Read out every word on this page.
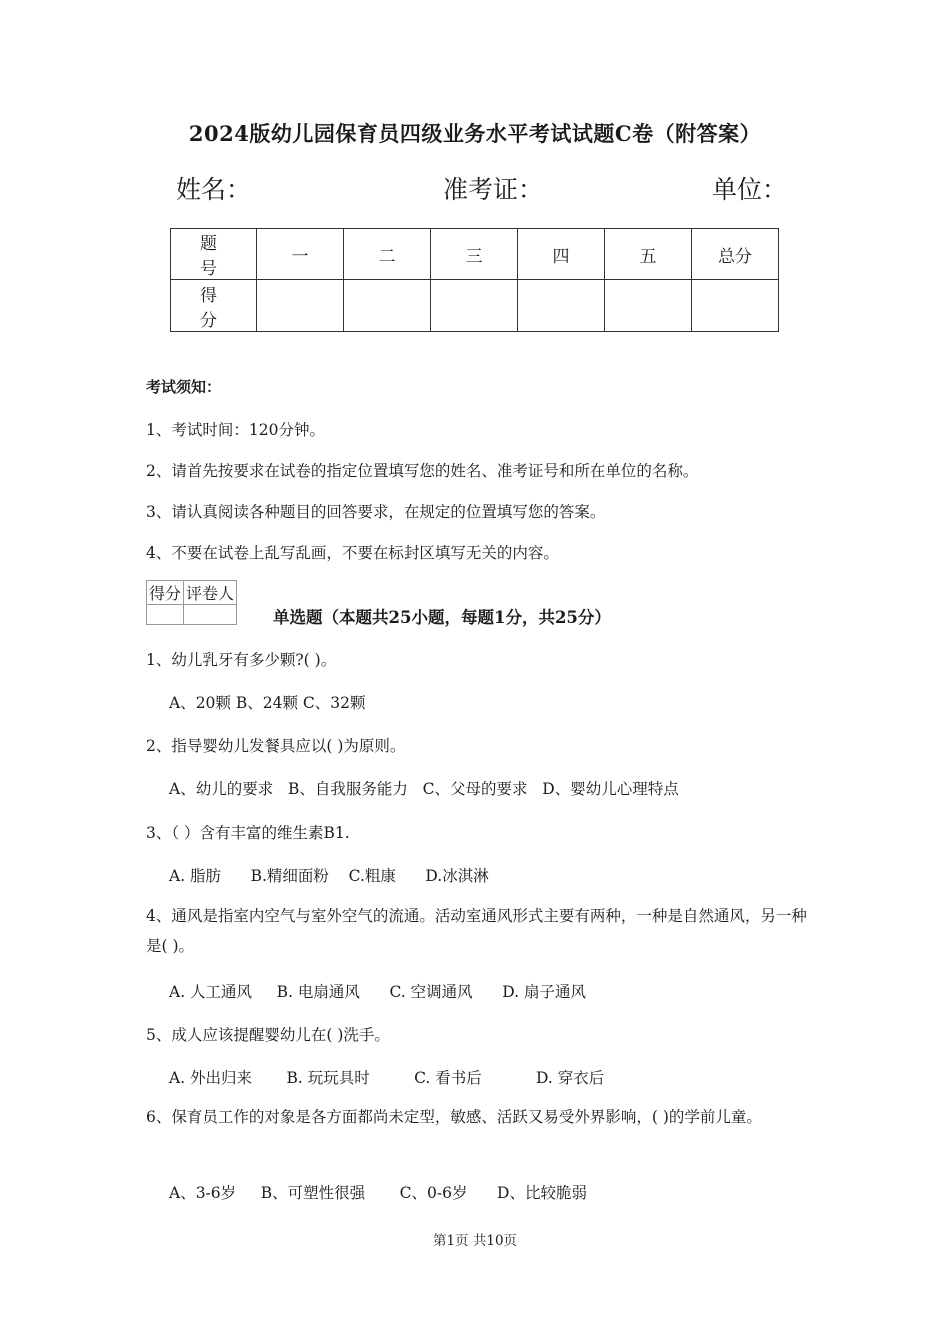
2024版幼儿园保育员四级业务水平考试试题C卷（附答案）
姓名：	准考证：	单位：
题　号	一	二	三	四	五	总分
得　分						
考试须知：
1、考试时间：120分钟。
2、请首先按要求在试卷的指定位置填写您的姓名、准考证号和所在单位的名称。
3、请认真阅读各种题目的回答要求，在规定的位置填写您的答案。
4、不要在试卷上乱写乱画，不要在标封区填写无关的内容。
得分	评卷人

单选题（本题共25小题，每题1分，共25分）
1、幼儿乳牙有多少颗?( )。
A、20颗 B、24颗 C、32颗
2、指导婴幼儿发餐具应以( )为原则。
A、幼儿的要求   B、自我服务能力   C、父母的要求   D、婴幼儿心理特点
3、（ ）含有丰富的维生素B1.
A. 脂肪      B.精细面粉    C.粗康      D.冰淇淋
4、通风是指室内空气与室外空气的流通。活动室通风形式主要有两种，一种是自然通风，另一种是( )。
A. 人工通风     B. 电扇通风      C. 空调通风      D. 扇子通风
5、成人应该提醒婴幼儿在( )洗手。
A. 外出归来       B. 玩玩具时         C. 看书后           D. 穿衣后
6、保育员工作的对象是各方面都尚未定型，敏感、活跃又易受外界影响，( )的学前儿童。
A、3-6岁     B、可塑性很强       C、0-6岁      D、比较脆弱
第1页 共10页
